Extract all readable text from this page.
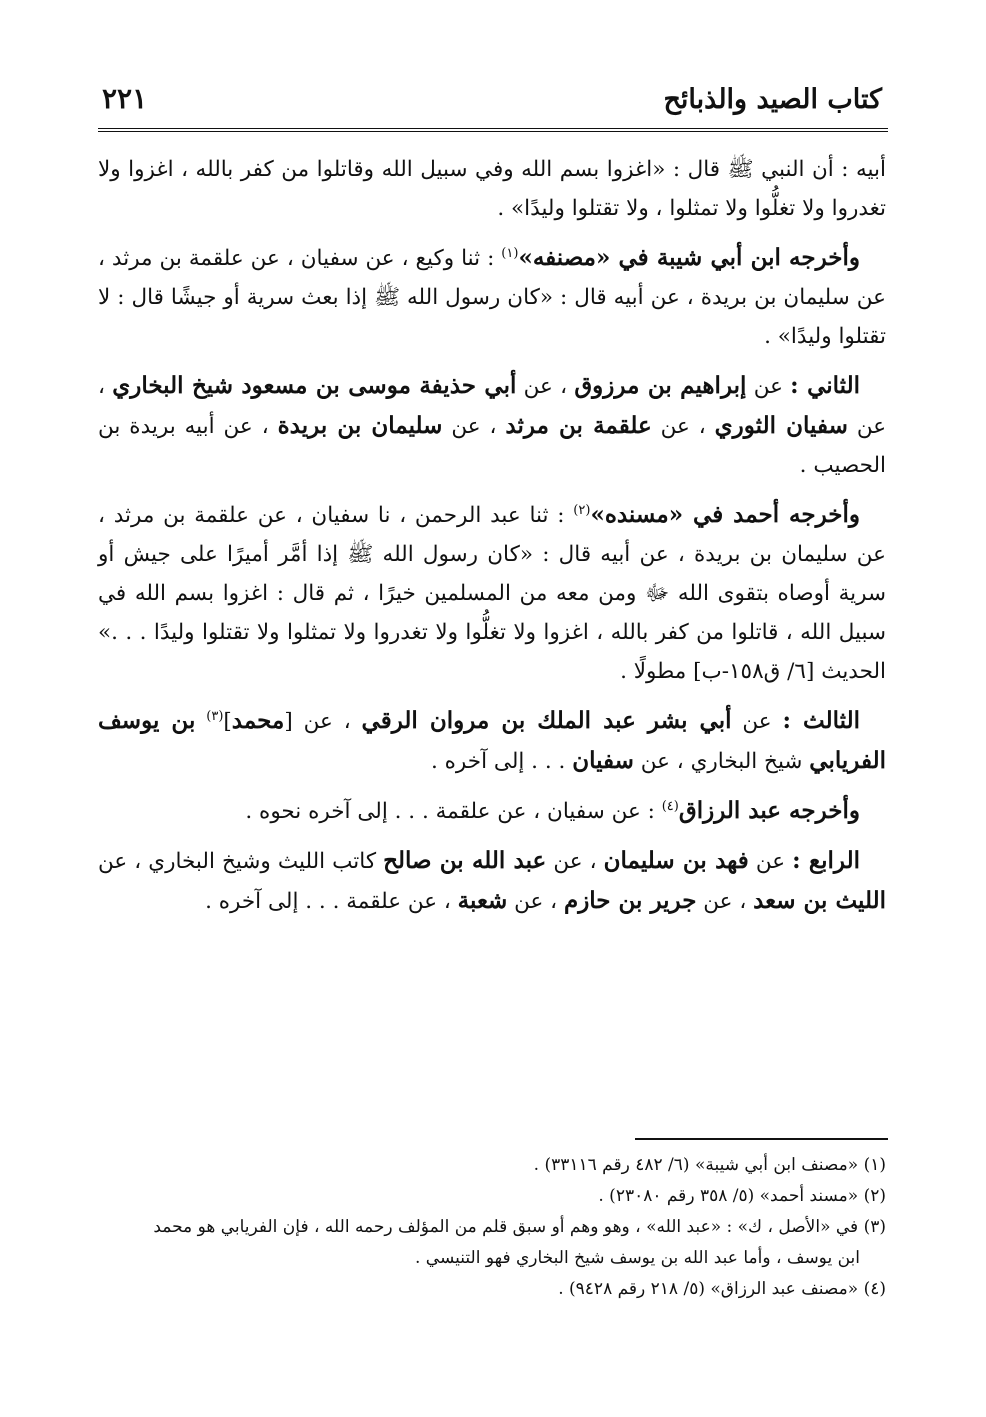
كتاب الصيد والذبائح
٢٢١

أبيه : أن النبي ﷺ قال : «اغزوا بسم الله وفي سبيل الله وقاتلوا من كفر بالله ، اغزوا ولا تغدروا ولا تغلُّوا ولا تمثلوا ، ولا تقتلوا وليدًا» .

وأخرجه ابن أبي شيبة في «مصنفه»$^{(١)}$ : ثنا وكيع ، عن سفيان ، عن علقمة بن مرثد ، عن سليمان بن بريدة ، عن أبيه قال : «كان رسول الله ﷺ إذا بعث سرية أو جيشًا قال : لا تقتلوا وليدًا» .

الثاني : عن إبراهيم بن مرزوق ، عن أبي حذيفة موسى بن مسعود شيخ البخاري ، عن سفيان الثوري ، عن علقمة بن مرثد ، عن سليمان بن بريدة ، عن أبيه بريدة بن الحصيب .

وأخرجه أحمد في «مسنده»$^{(٢)}$ : ثنا عبد الرحمن ، نا سفيان ، عن علقمة بن مرثد ، عن سليمان بن بريدة ، عن أبيه قال : «كان رسول الله ﷺ إذا أمَّر أميرًا على جيش أو سرية أوصاه بتقوى الله ﷻ ومن معه من المسلمين خيرًا ، ثم قال : اغزوا بسم الله في سبيل الله ، قاتلوا من كفر بالله ، اغزوا ولا تغلُّوا ولا تغدروا ولا تمثلوا ولا تقتلوا وليدًا . . .» الحديث [٦/ ق١٥٨-ب] مطولًا .

الثالث : عن أبي بشر عبد الملك بن مروان الرقي ، عن [محمد]$^{(٣)}$ بن يوسف الفريابي شيخ البخاري ، عن سفيان . . . إلى آخره .

وأخرجه عبد الرزاق$^{(٤)}$ : عن سفيان ، عن علقمة . . . إلى آخره نحوه .

الرابع : عن فهد بن سليمان ، عن عبد الله بن صالح كاتب الليث وشيخ البخاري ، عن الليث بن سعد ، عن جرير بن حازم ، عن شعبة ، عن علقمة . . . إلى آخره .

(١) «مصنف ابن أبي شيبة» (٦/ ٤٨٢ رقم ٣٣١١٦) .

(٢) «مسند أحمد» (٥/ ٣٥٨ رقم ٢٣٠٨٠) .

(٣) في «الأصل ، ك» : «عبد الله» ، وهو وهم أو سبق قلم من المؤلف رحمه الله ، فإن الفريابي هو محمد

ابن يوسف ، وأما عبد الله بن يوسف شيخ البخاري فهو التنيسي .

(٤) «مصنف عبد الرزاق» (٥/ ٢١٨ رقم ٩٤٢٨) .
